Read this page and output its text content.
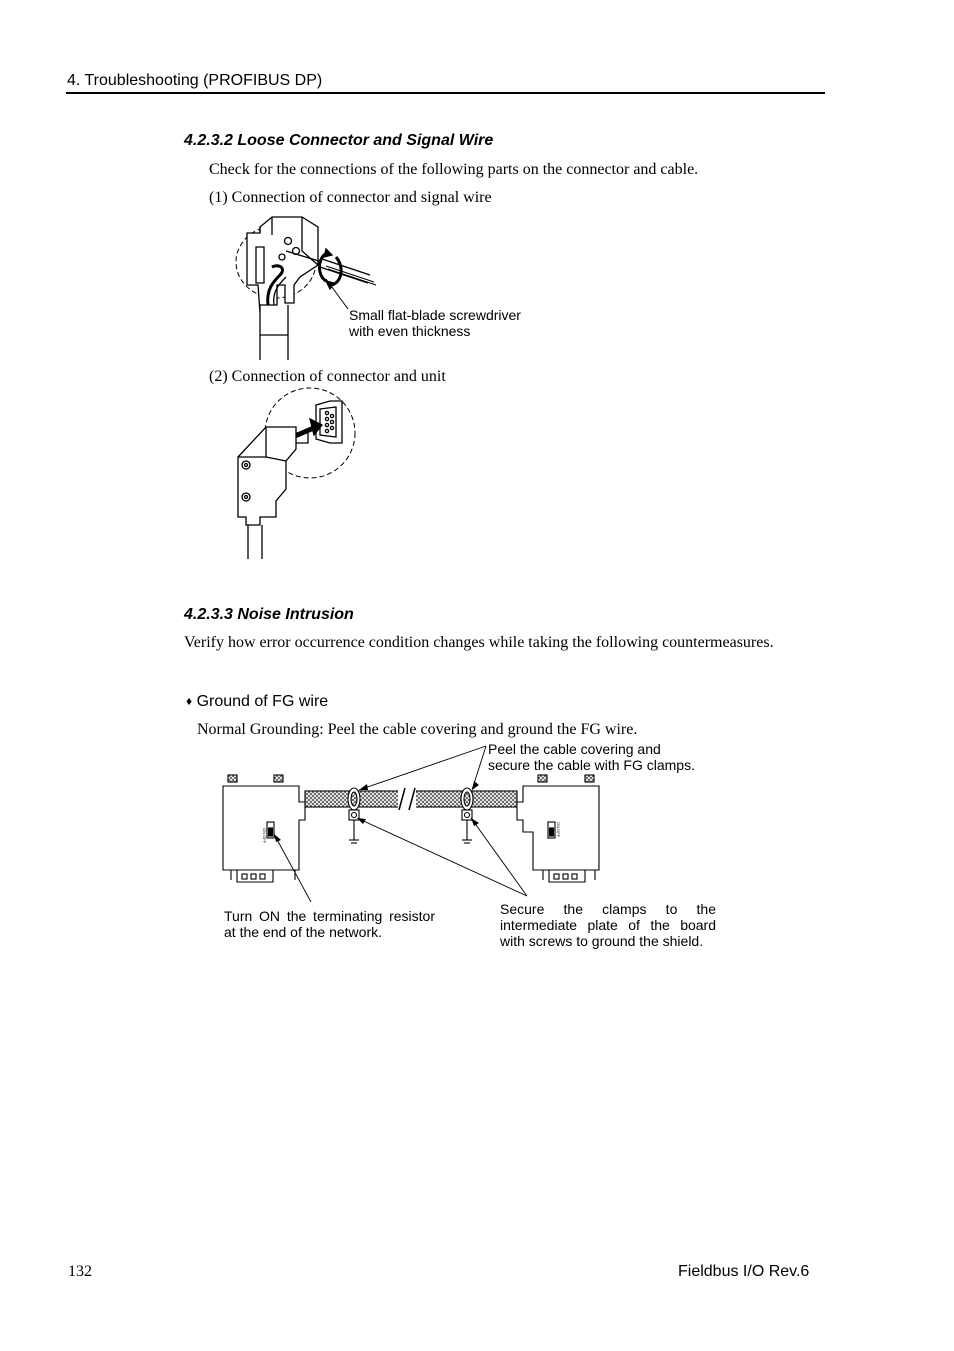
4. Troubleshooting (PROFIBUS DP)
4.2.3.2 Loose Connector and Signal Wire
Check for the connections of the following parts on the connector and cable.
(1) Connection of connector and signal wire
Small flat-blade screwdriver
with even thickness
(2) Connection of connector and unit
4.2.3.3 Noise Intrusion
Verify how error occurrence condition changes while taking the following countermeasures.
♦ Ground of FG wire
Normal Grounding: Peel the cable covering and ground the FG wire.
Peel the cable covering and
secure the cable with FG clamps.
ON OFF	ON OFF
Turn ON the terminating resistor at the end of the network.
Secure the clamps to the intermediate plate of the board with screws to ground the shield.
132	Fieldbus I/O Rev.6
